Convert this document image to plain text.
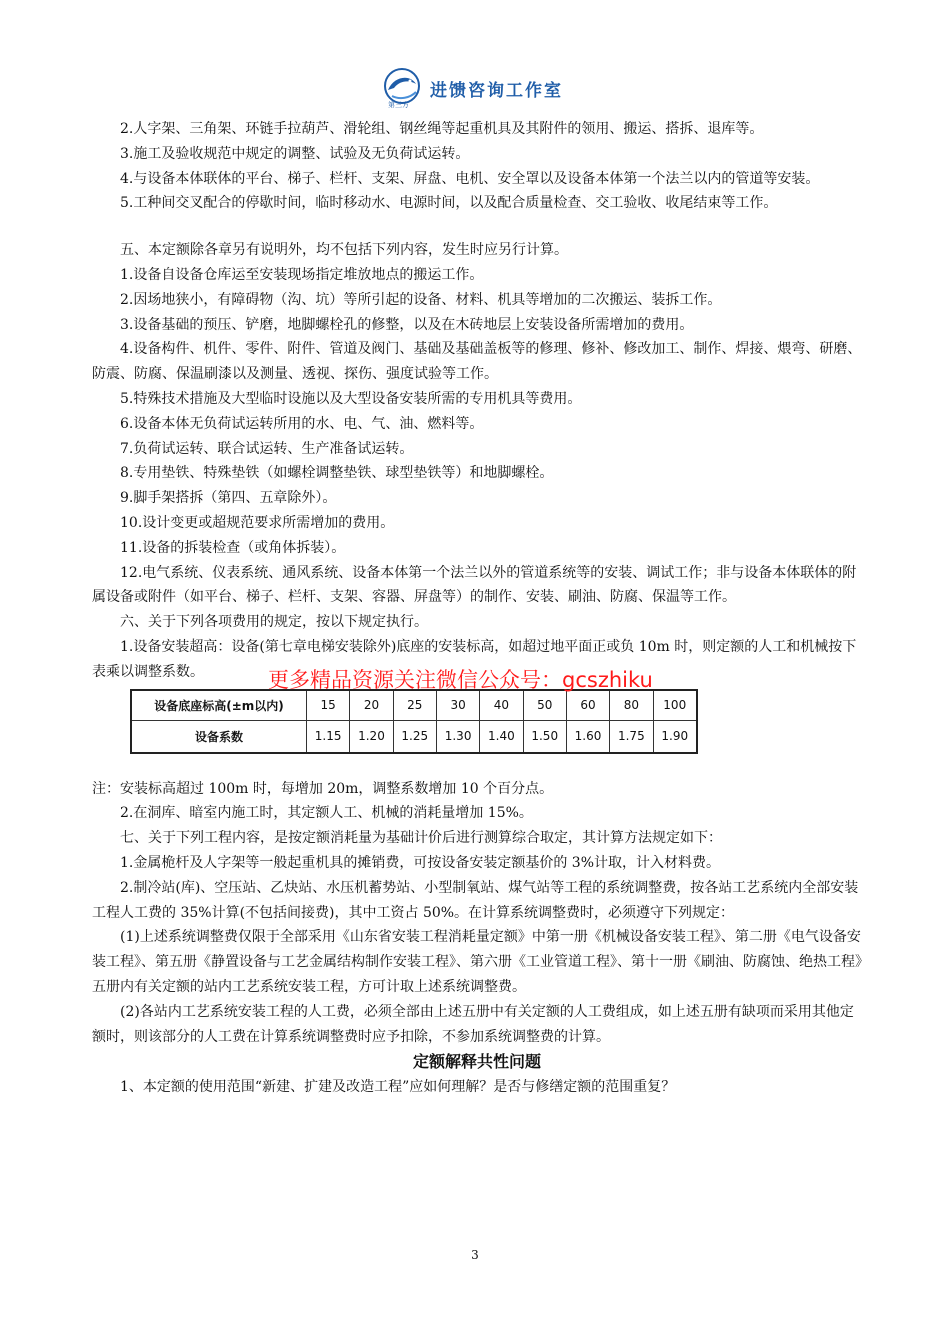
进馈咨询工作室
第三方

2.人字架、三角架、环链手拉葫芦、滑轮组、钢丝绳等起重机具及其附件的领用、搬运、搭拆、退库等。

3.施工及验收规范中规定的调整、试验及无负荷试运转。

4.与设备本体联体的平台、梯子、栏杆、支架、屏盘、电机、安全罩以及设备本体第一个法兰以内的管道等安装。

5.工种间交叉配合的停歇时间，临时移动水、电源时间，以及配合质量检查、交工验收、收尾结束等工作。

五、本定额除各章另有说明外，均不包括下列内容，发生时应另行计算。

1.设备自设备仓库运至安装现场指定堆放地点的搬运工作。

2.因场地狭小，有障碍物（沟、坑）等所引起的设备、材料、机具等增加的二次搬运、装拆工作。

3.设备基础的预压、铲磨，地脚螺栓孔的修整，以及在木砖地层上安装设备所需增加的费用。

4.设备构件、机件、零件、附件、管道及阀门、基础及基础盖板等的修理、修补、修改加工、制作、焊接、煨弯、研磨、防震、防腐、保温刷漆以及测量、透视、探伤、强度试验等工作。

5.特殊技术措施及大型临时设施以及大型设备安装所需的专用机具等费用。

6.设备本体无负荷试运转所用的水、电、气、油、燃料等。

7.负荷试运转、联合试运转、生产准备试运转。

8.专用垫铁、特殊垫铁（如螺栓调整垫铁、球型垫铁等）和地脚螺栓。

9.脚手架搭拆（第四、五章除外）。

10.设计变更或超规范要求所需增加的费用。

11.设备的拆装检查（或角体拆装）。

12.电气系统、仪表系统、通风系统、设备本体第一个法兰以外的管道系统等的安装、调试工作；非与设备本体联体的附属设备或附件（如平台、梯子、栏杆、支架、容器、屏盘等）的制作、安装、刷油、防腐、保温等工作。

六、关于下列各项费用的规定，按以下规定执行。

1.设备安装超高：设备(第七章电梯安装除外)底座的安装标高，如超过地平面正或负 10m 时，则定额的人工和机械按下表乘以调整系数。

设备底座标高(±m以内)	15	20	25	30	40	50	60	80	100
设备系数	1.15	1.20	1.25	1.30	1.40	1.50	1.60	1.75	1.90

注：安装标高超过 100m 时，每增加 20m，调整系数增加 10 个百分点。

2.在洞库、暗室内施工时，其定额人工、机械的消耗量增加 15%。

七、关于下列工程内容，是按定额消耗量为基础计价后进行测算综合取定，其计算方法规定如下：

1.金属桅杆及人字架等一般起重机具的摊销费，可按设备安装定额基价的 3%计取，计入材料费。

2.制冷站(库)、空压站、乙炔站、水压机蓄势站、小型制氧站、煤气站等工程的系统调整费，按各站工艺系统内全部安装工程人工费的 35%计算(不包括间接费)，其中工资占 50%。在计算系统调整费时，必须遵守下列规定：

(1)上述系统调整费仅限于全部采用《山东省安装工程消耗量定额》中第一册《机械设备安装工程》、第二册《电气设备安装工程》、第五册《静置设备与工艺金属结构制作安装工程》、第六册《工业管道工程》、第十一册《刷油、防腐蚀、绝热工程》五册内有关定额的站内工艺系统安装工程，方可计取上述系统调整费。

(2)各站内工艺系统安装工程的人工费，必须全部由上述五册中有关定额的人工费组成，如上述五册有缺项而采用其他定额时，则该部分的人工费在计算系统调整费时应予扣除，不参加系统调整费的计算。

定额解释共性问题

1、本定额的使用范围“新建、扩建及改造工程”应如何理解？是否与修缮定额的范围重复？

更多精品资源关注微信公众号：gcszhiku
3
